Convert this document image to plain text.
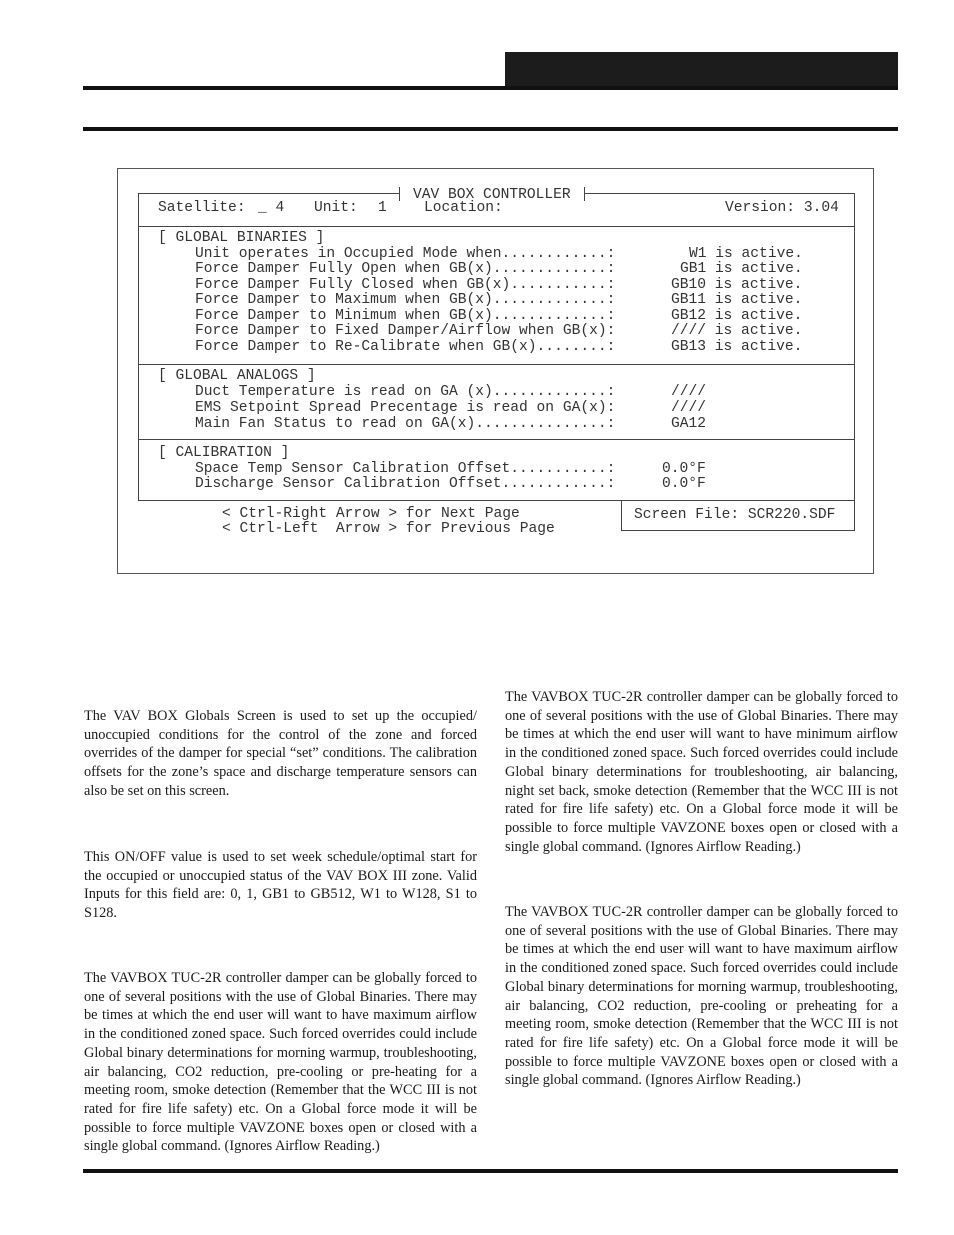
VAV BOX CONTROLLER
Satellite: _ 4 Unit: 1	Location:	Version: 3.04
[ GLOBAL BINARIES ]
Unit operates in Occupied Mode when............:	W1 is active.
Force Damper Fully Open when GB(x).............:	GB1 is active.
Force Damper Fully Closed when GB(x)...........:	GB10 is active.
Force Damper to Maximum when GB(x).............:	GB11 is active.
Force Damper to Minimum when GB(x).............:	GB12 is active.
Force Damper to Fixed Damper/Airflow when GB(x):	//// is active.
Force Damper to Re-Calibrate when GB(x)........:	GB13 is active.
[ GLOBAL ANALOGS ]
Duct Temperature is read on GA (x).............:	////
EMS Setpoint Spread Precentage is read on GA(x):	////
Main Fan Status to read on GA(x)...............:	GA12
[ CALIBRATION ]
Space Temp Sensor Calibration Offset...........:	0.0°F
Discharge Sensor Calibration Offset............:	0.0°F
< Ctrl-Right Arrow > for Next Page
< Ctrl-Left  Arrow > for Previous Page
Screen File: SCR220.SDF

The VAV BOX Globals Screen is used to set up the occupied/ unoccupied conditions for the control of the zone and forced overrides of the damper for special “set” conditions. The calibration offsets for the zone’s space and discharge temperature sensors can also be set on this screen.

This ON/OFF value is used to set week schedule/optimal start for the occupied or unoccupied status of the VAV BOX III zone. Valid Inputs for this field are: 0, 1, GB1 to GB512, W1 to W128, S1 to S128.

The VAVBOX TUC-2R controller damper can be globally forced to one of several positions with the use of Global Binaries. There may be times at which the end user will want to have maximum airflow in the conditioned zoned space. Such forced overrides could include Global binary determinations for morning warmup, troubleshooting, air balancing, CO2 reduction, pre-cooling or pre-heating for a meeting room, smoke detection (Remember that the WCC III is not rated for fire life safety) etc. On a Global force mode it will be possible to force multiple VAVZONE boxes open or closed with a single global command. (Ignores Airflow Reading.)

The VAVBOX TUC-2R controller damper can be globally forced to one of several positions with the use of Global Binaries. There may be times at which the end user will want to have minimum airflow in the conditioned zoned space. Such forced overrides could include Global binary determinations for troubleshooting, air balancing, night set back, smoke detection (Remember that the WCC III is not rated for fire life safety) etc. On a Global force mode it will be possible to force multiple VAVZONE boxes open or closed with a single global command. (Ignores Airflow Reading.)

The VAVBOX TUC-2R controller damper can be globally forced to one of several positions with the use of Global Binaries. There may be times at which the end user will want to have maximum airflow in the conditioned zoned space. Such forced overrides could include Global binary determinations for morning warmup, troubleshooting, air balancing, CO2 reduction, pre-cooling or preheating for a meeting room, smoke detection (Remember that the WCC III is not rated for fire life safety) etc. On a Global force mode it will be possible to force multiple VAVZONE boxes open or closed with a single global command. (Ignores Airflow Reading.)
